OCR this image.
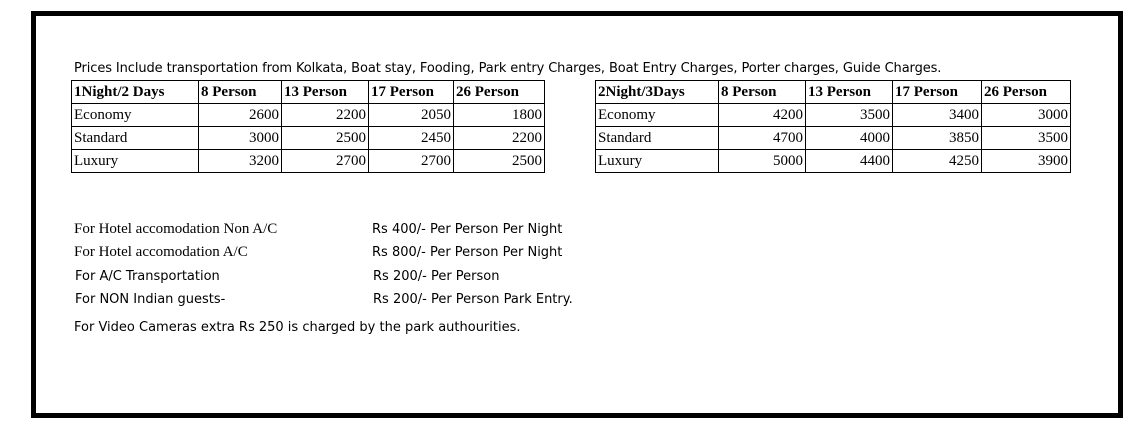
Prices Include transportation from Kolkata, Boat stay, Fooding, Park entry Charges, Boat Entry Charges, Porter charges, Guide Charges.
1Night/2 Days	8 Person	13 Person	17 Person	26 Person
Economy	2600	2200	2050	1800
Standard	3000	2500	2450	2200
Luxury	3200	2700	2700	2500
2Night/3Days	8 Person	13 Person	17 Person	26 Person
Economy	4200	3500	3400	3000
Standard	4700	4000	3850	3500
Luxury	5000	4400	4250	3900
For Hotel accomodation Non A/C	Rs 400/- Per Person Per Night
For Hotel accomodation A/C	Rs 800/- Per Person Per Night
For A/C Transportation	Rs 200/- Per Person
For NON Indian guests-	Rs 200/- Per Person Park Entry.
For Video Cameras extra Rs 250 is charged by the park authourities.
